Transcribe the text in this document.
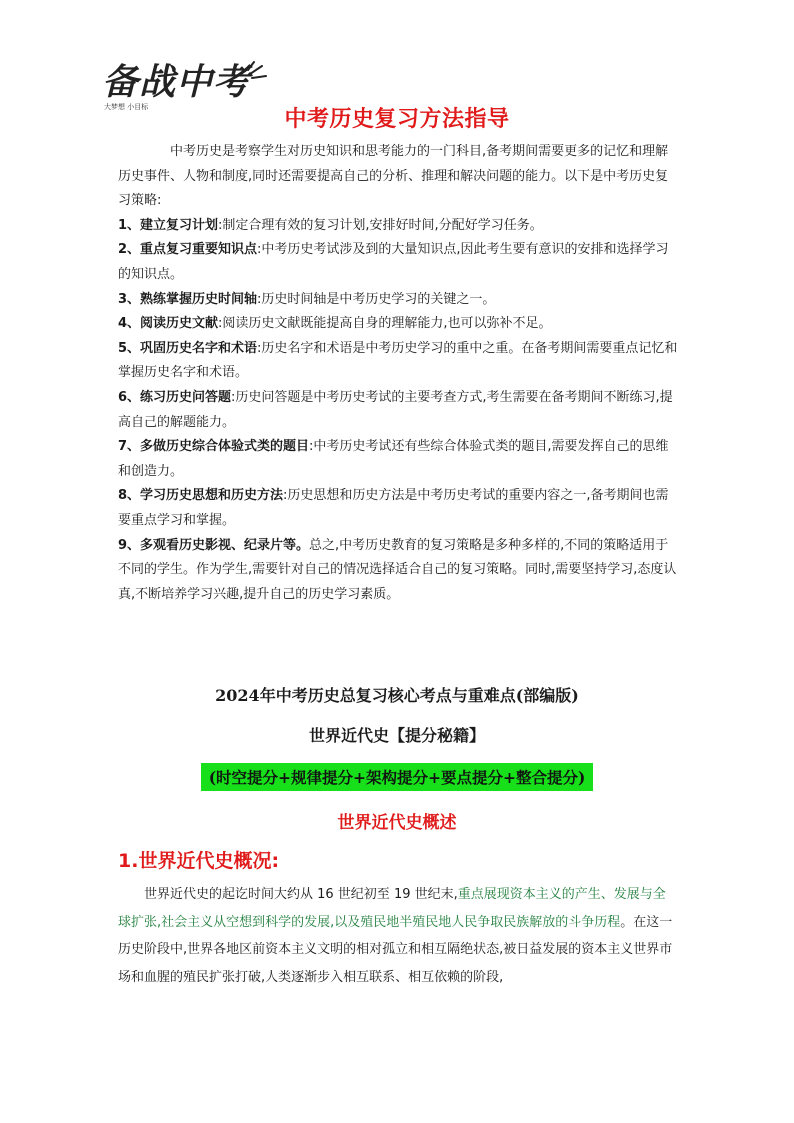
备战中考
大梦想 小目标	中考历史复习方法指导

中考历史是考察学生对历史知识和思考能力的一门科目,备考期间需要更多的记忆和理解历史事件、人物和制度,同时还需要提高自己的分析、推理和解决问题的能力。以下是中考历史复习策略:

1、建立复习计划:制定合理有效的复习计划,安排好时间,分配好学习任务。

2、重点复习重要知识点:中考历史考试涉及到的大量知识点,因此考生要有意识的安排和选择学习的知识点。

3、熟练掌握历史时间轴:历史时间轴是中考历史学习的关键之一。

4、阅读历史文献:阅读历史文献既能提高自身的理解能力,也可以弥补不足。

5、巩固历史名字和术语:历史名字和术语是中考历史学习的重中之重。在备考期间需要重点记忆和掌握历史名字和术语。

6、练习历史问答题:历史问答题是中考历史考试的主要考查方式,考生需要在备考期间不断练习,提高自己的解题能力。

7、多做历史综合体验式类的题目:中考历史考试还有些综合体验式类的题目,需要发挥自己的思维和创造力。

8、学习历史思想和历史方法:历史思想和历史方法是中考历史考试的重要内容之一,备考期间也需要重点学习和掌握。

9、多观看历史影视、纪录片等。总之,中考历史教育的复习策略是多种多样的,不同的策略适用于不同的学生。作为学生,需要针对自己的情况选择适合自己的复习策略。同时,需要坚持学习,态度认真,不断培养学习兴趣,提升自己的历史学习素质。

2024年中考历史总复习核心考点与重难点(部编版)
世界近代史【提分秘籍】
(时空提分+规律提分+架构提分+要点提分+整合提分)
世界近代史概述
1.世界近代史概况:

世界近代史的起讫时间大约从 16 世纪初至 19 世纪末,重点展现资本主义的产生、发展与全球扩张,社会主义从空想到科学的发展,以及殖民地半殖民地人民争取民族解放的斗争历程。在这一历史阶段中,世界各地区前资本主义文明的相对孤立和相互隔绝状态,被日益发展的资本主义世界市场和血腥的殖民扩张打破,人类逐渐步入相互联系、相互依赖的阶段,
